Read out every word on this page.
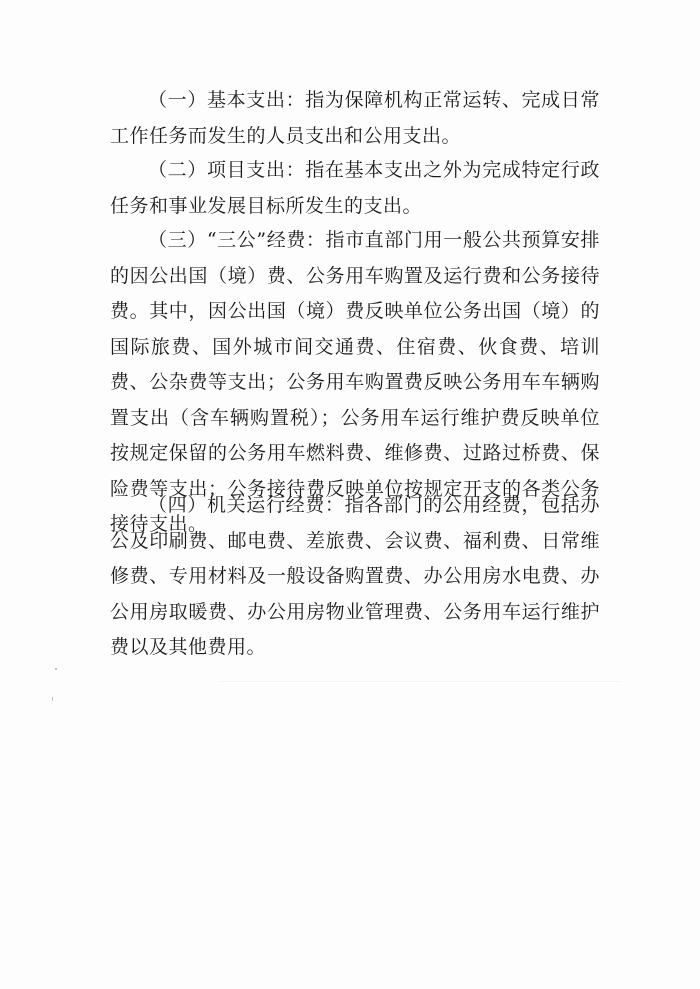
（一）基本支出：指为保障机构正常运转、完成日常工作任务而发生的人员支出和公用支出。

（二）项目支出：指在基本支出之外为完成特定行政任务和事业发展目标所发生的支出。

（三）“三公”经费：指市直部门用一般公共预算安排的因公出国（境）费、公务用车购置及运行费和公务接待费。其中，因公出国（境）费反映单位公务出国（境）的国际旅费、国外城市间交通费、住宿费、伙食费、培训费、公杂费等支出；公务用车购置费反映公务用车车辆购置支出（含车辆购置税）；公务用车运行维护费反映单位按规定保留的公务用车燃料费、维修费、过路过桥费、保险费等支出；公务接待费反映单位按规定开支的各类公务接待支出。

（四）机关运行经费：指各部门的公用经费，包括办公及印刷费、邮电费、差旅费、会议费、福利费、日常维修费、专用材料及一般设备购置费、办公用房水电费、办公用房取暖费、办公用房物业管理费、公务用车运行维护费以及其他费用。
